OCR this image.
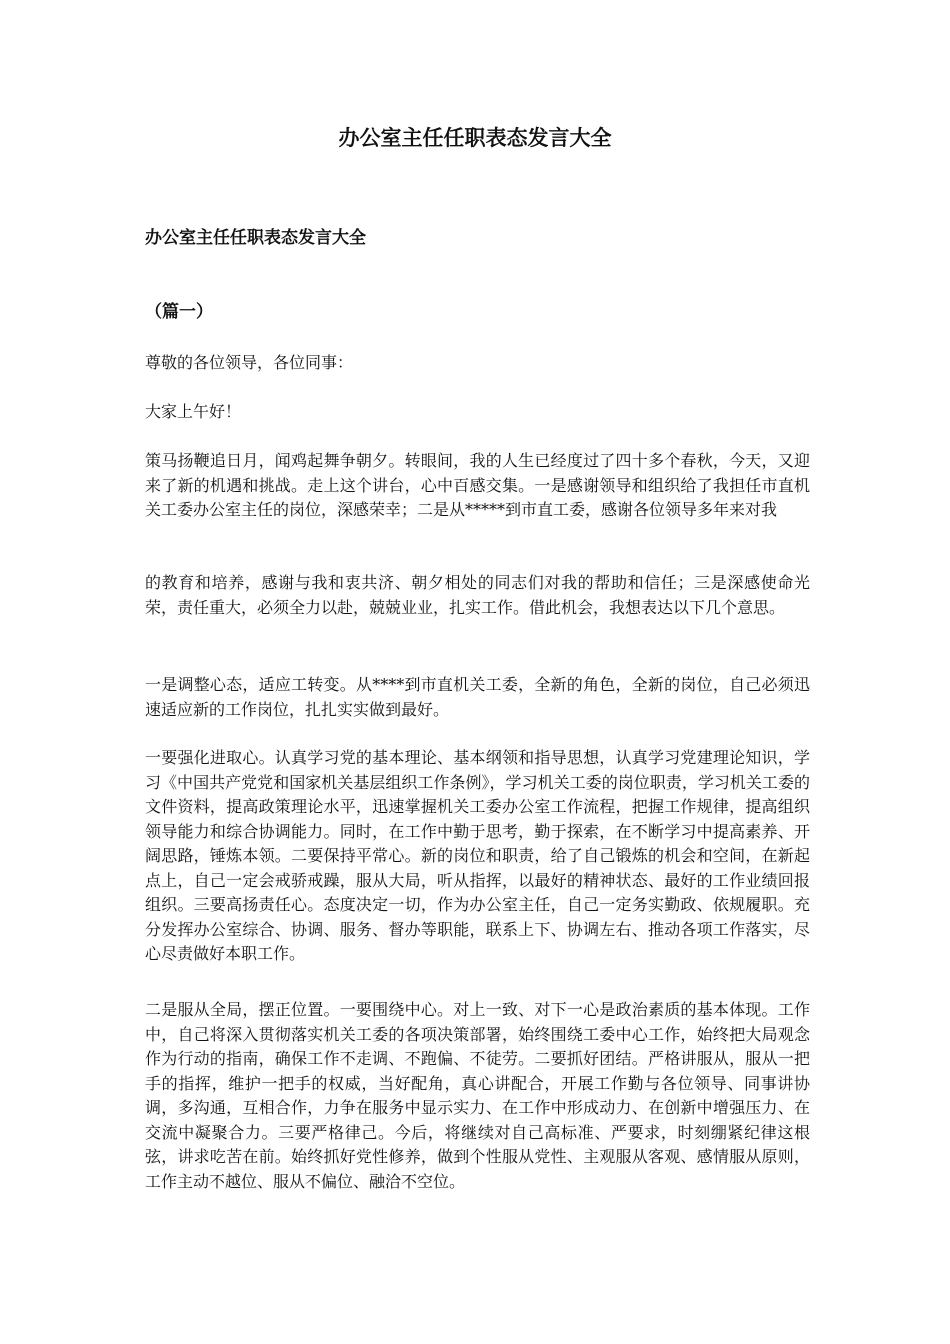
办公室主任任职表态发言大全
办公室主任任职表态发言大全
（篇一）

尊敬的各位领导，各位同事：

大家上午好！

策马扬鞭追日月，闻鸡起舞争朝夕。转眼间，我的人生已经度过了四十多个春秋，今天，又迎来了新的机遇和挑战。走上这个讲台，心中百感交集。一是感谢领导和组织给了我担任市直机关工委办公室主任的岗位，深感荣幸；二是从*****到市直工委，感谢各位领导多年来对我

的教育和培养，感谢与我和衷共济、朝夕相处的同志们对我的帮助和信任；三是深感使命光荣，责任重大，必须全力以赴，兢兢业业，扎实工作。借此机会，我想表达以下几个意思。

一是调整心态，适应工转变。从****到市直机关工委，全新的角色，全新的岗位，自己必须迅速适应新的工作岗位，扎扎实实做到最好。

一要强化进取心。认真学习党的基本理论、基本纲领和指导思想，认真学习党建理论知识，学习《中国共产党党和国家机关基层组织工作条例》，学习机关工委的岗位职责，学习机关工委的文件资料，提高政策理论水平，迅速掌握机关工委办公室工作流程，把握工作规律，提高组织领导能力和综合协调能力。同时，在工作中勤于思考，勤于探索，在不断学习中提高素养、开阔思路，锤炼本领。二要保持平常心。新的岗位和职责，给了自己锻炼的机会和空间，在新起点上，自己一定会戒骄戒躁，服从大局，听从指挥，以最好的精神状态、最好的工作业绩回报组织。三要高扬责任心。态度决定一切，作为办公室主任，自己一定务实勤政、依规履职。充分发挥办公室综合、协调、服务、督办等职能，联系上下、协调左右、推动各项工作落实，尽心尽责做好本职工作。

二是服从全局，摆正位置。一要围绕中心。对上一致、对下一心是政治素质的基本体现。工作中，自己将深入贯彻落实机关工委的各项决策部署，始终围绕工委中心工作，始终把大局观念作为行动的指南，确保工作不走调、不跑偏、不徒劳。二要抓好团结。严格讲服从，服从一把手的指挥，维护一把手的权威，当好配角，真心讲配合，开展工作勤与各位领导、同事讲协调，多沟通，互相合作，力争在服务中显示实力、在工作中形成动力、在创新中增强压力、在交流中凝聚合力。三要严格律己。今后，将继续对自己高标准、严要求，时刻绷紧纪律这根弦，讲求吃苦在前。始终抓好党性修养，做到个性服从党性、主观服从客观、感情服从原则，工作主动不越位、服从不偏位、融洽不空位。
